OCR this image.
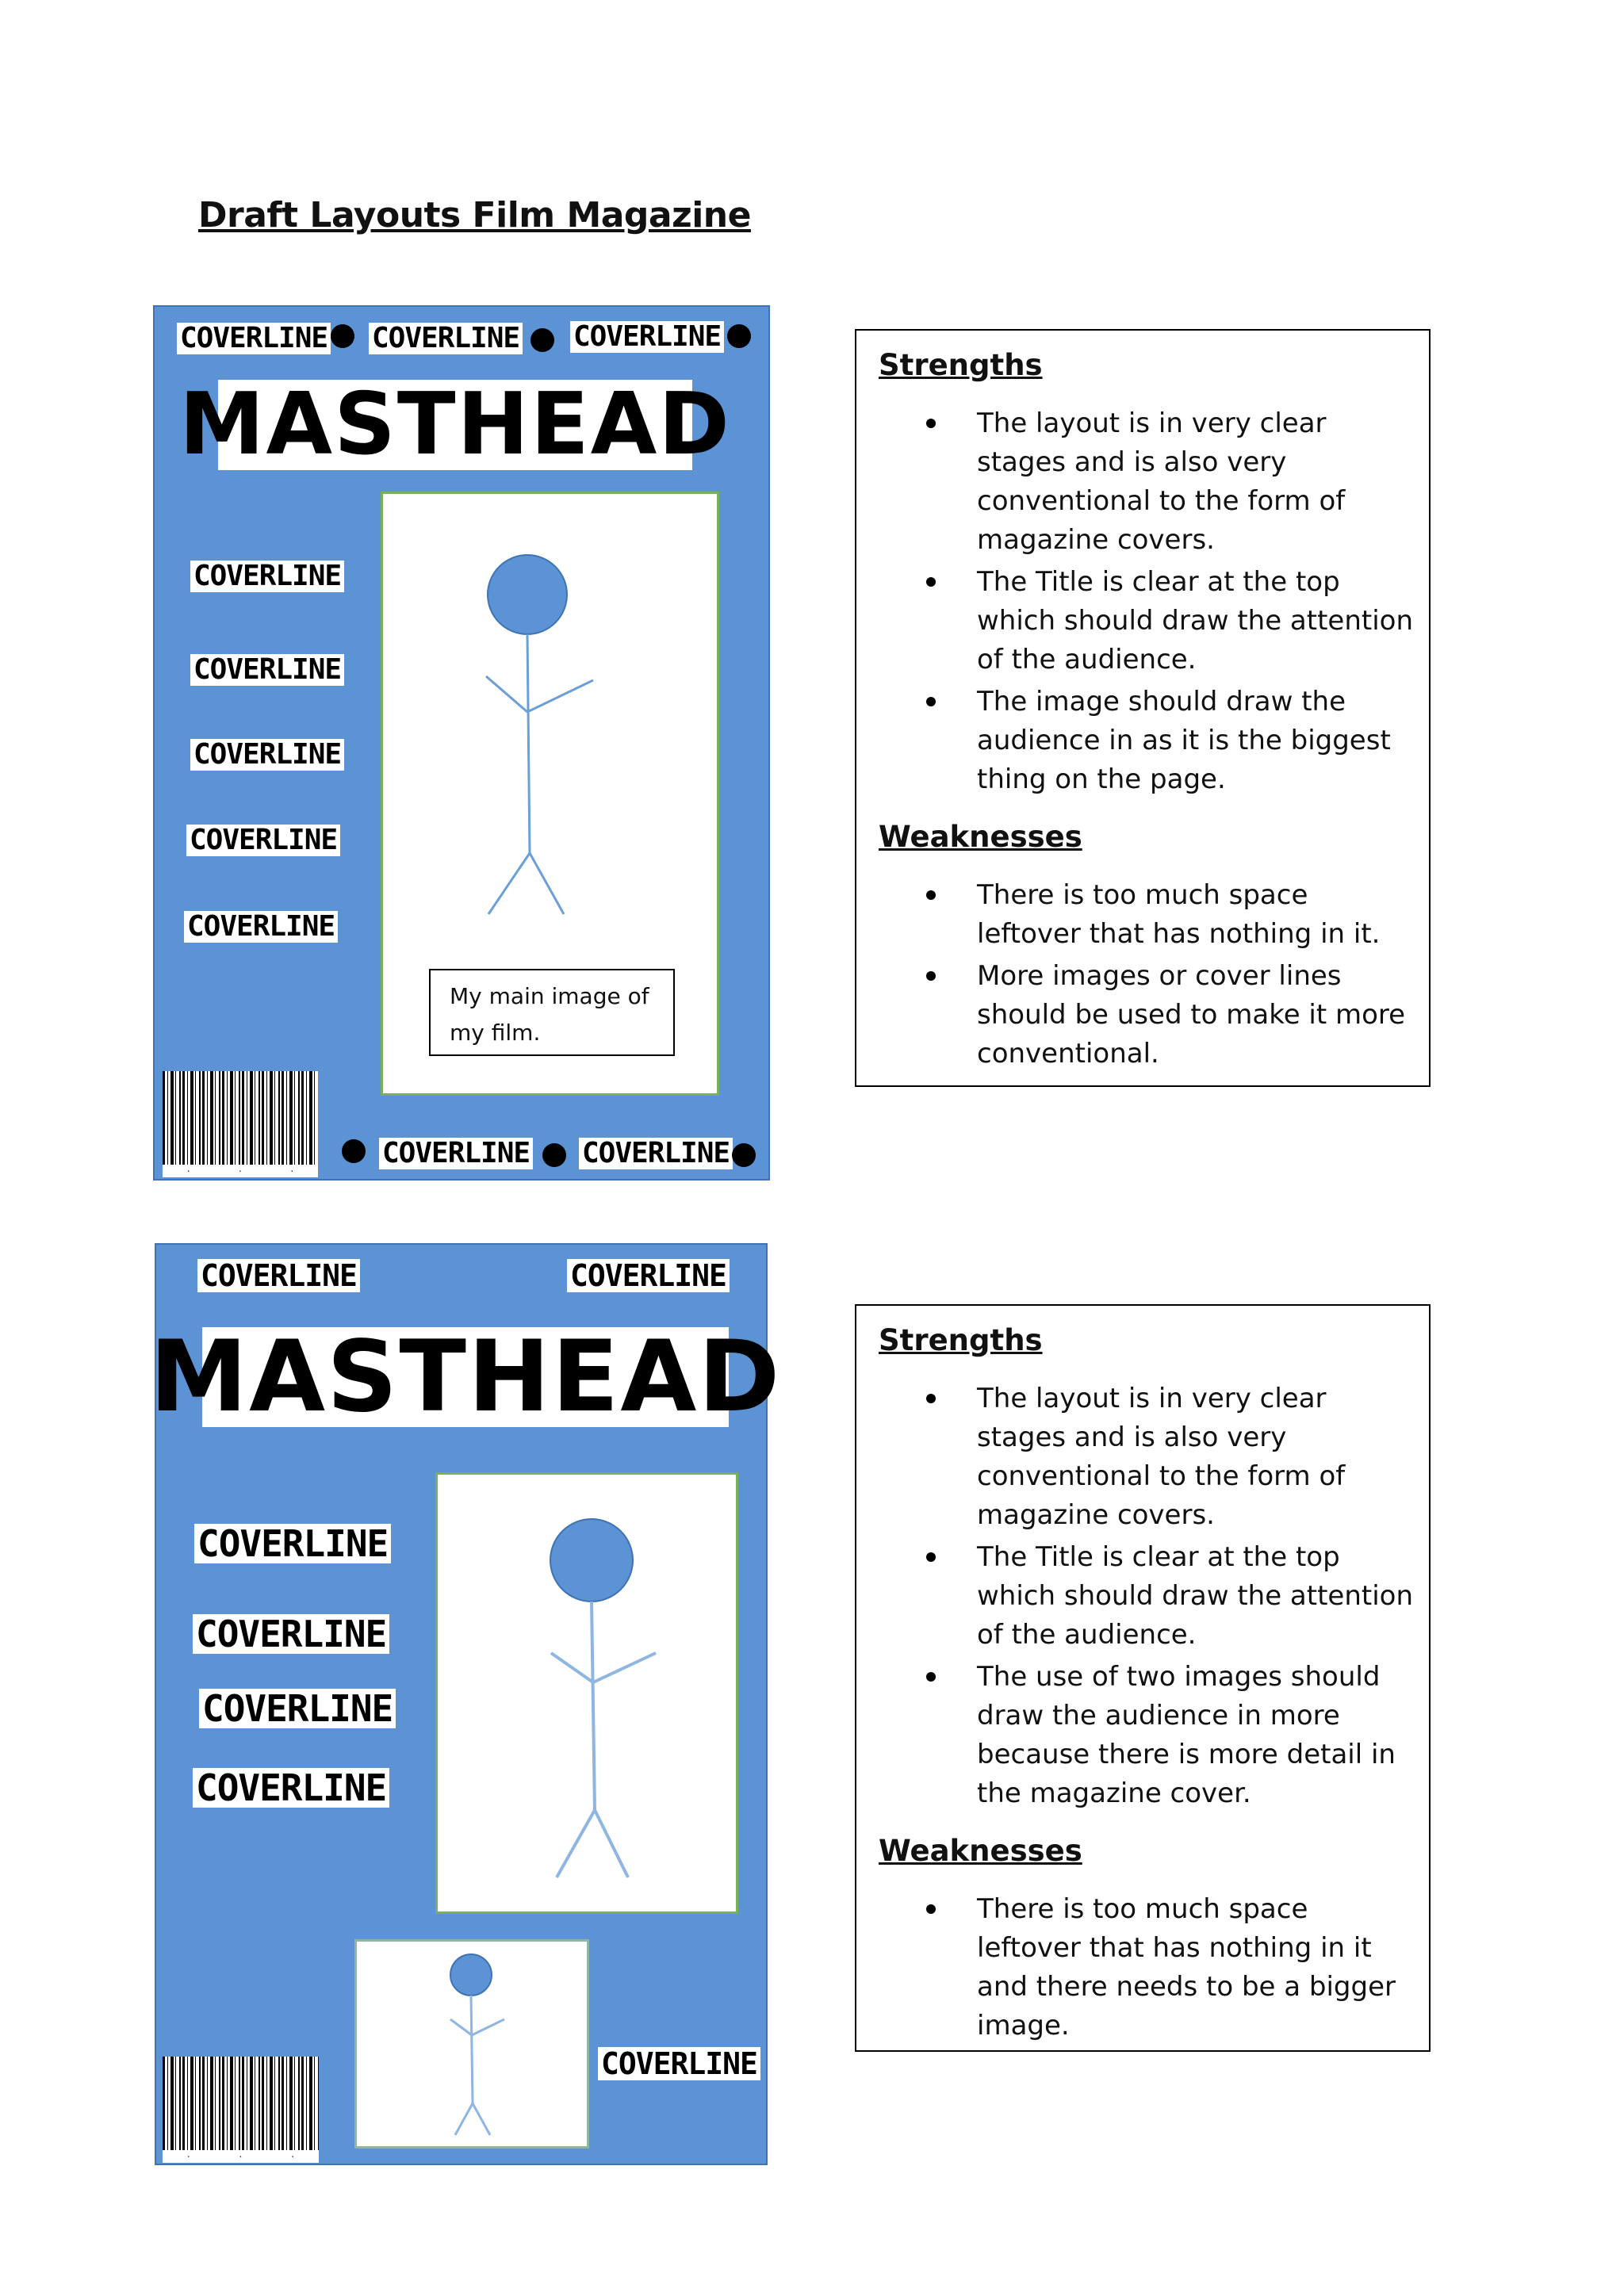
Draft Layouts Film Magazine
COVERLINE COVERLINE COVERLINE
MASTHEAD
COVERLINE
COVERLINE
COVERLINE
COVERLINE
COVERLINE
My main image of my film.
·	·	·
COVERLINE COVERLINE

Strengths

The layout is in very clear stages and is also very conventional to the form of magazine covers.
The Title is clear at the top which should draw the attention of the audience.
The image should draw the audience in as it is the biggest thing on the page.

Weaknesses

There is too much space leftover that has nothing in it.
More images or cover lines should be used to make it more conventional.
COVERLINE	COVERLINE
MASTHEAD
COVERLINE
COVERLINE
COVERLINE
COVERLINE
COVERLINE
·	·	·

Strengths

The layout is in very clear stages and is also very conventional to the form of magazine covers.
The Title is clear at the top which should draw the attention of the audience.
The use of two images should draw the audience in more because there is more detail in the magazine cover.

Weaknesses

There is too much space leftover that has nothing in it and there needs to be a bigger image.
